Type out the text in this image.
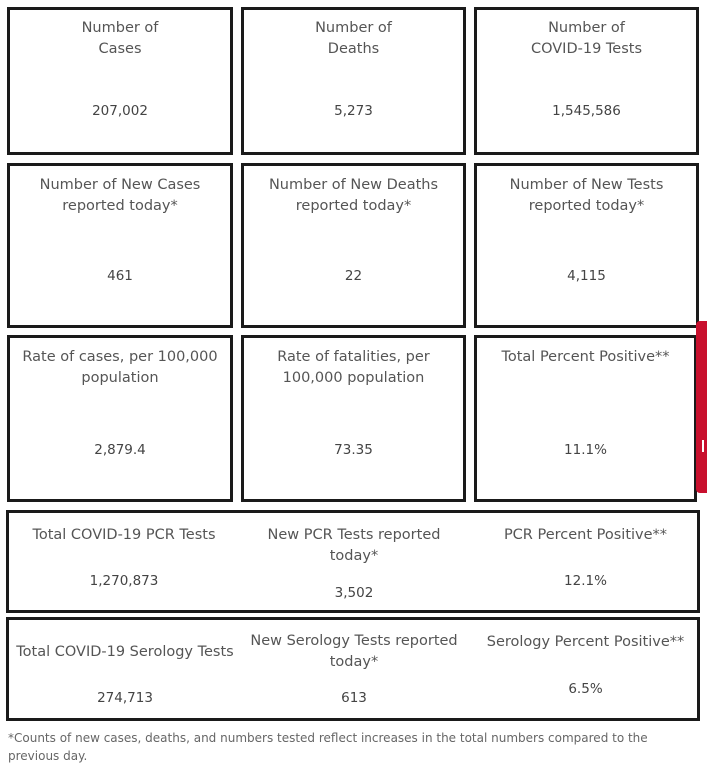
Number of
Cases
207,002
Number of
Deaths
5,273
Number of
COVID-19 Tests
1,545,586
Number of New Cases
reported today*
461
Number of New Deaths
reported today*
22
Number of New Tests
reported today*
4,115
Rate of cases, per 100,000
population
2,879.4
Rate of fatalities, per
100,000 population
73.35
Total Percent Positive**
11.1%
Total COVID-19 PCR Tests
1,270,873
New PCR Tests reported
today*
3,502
PCR Percent Positive**
12.1%
Total COVID-19 Serology Tests
274,713
New Serology Tests reported
today*
613
Serology Percent Positive**
6.5%
*Counts of new cases, deaths, and numbers tested reflect increases in the total numbers compared to the previous day.
